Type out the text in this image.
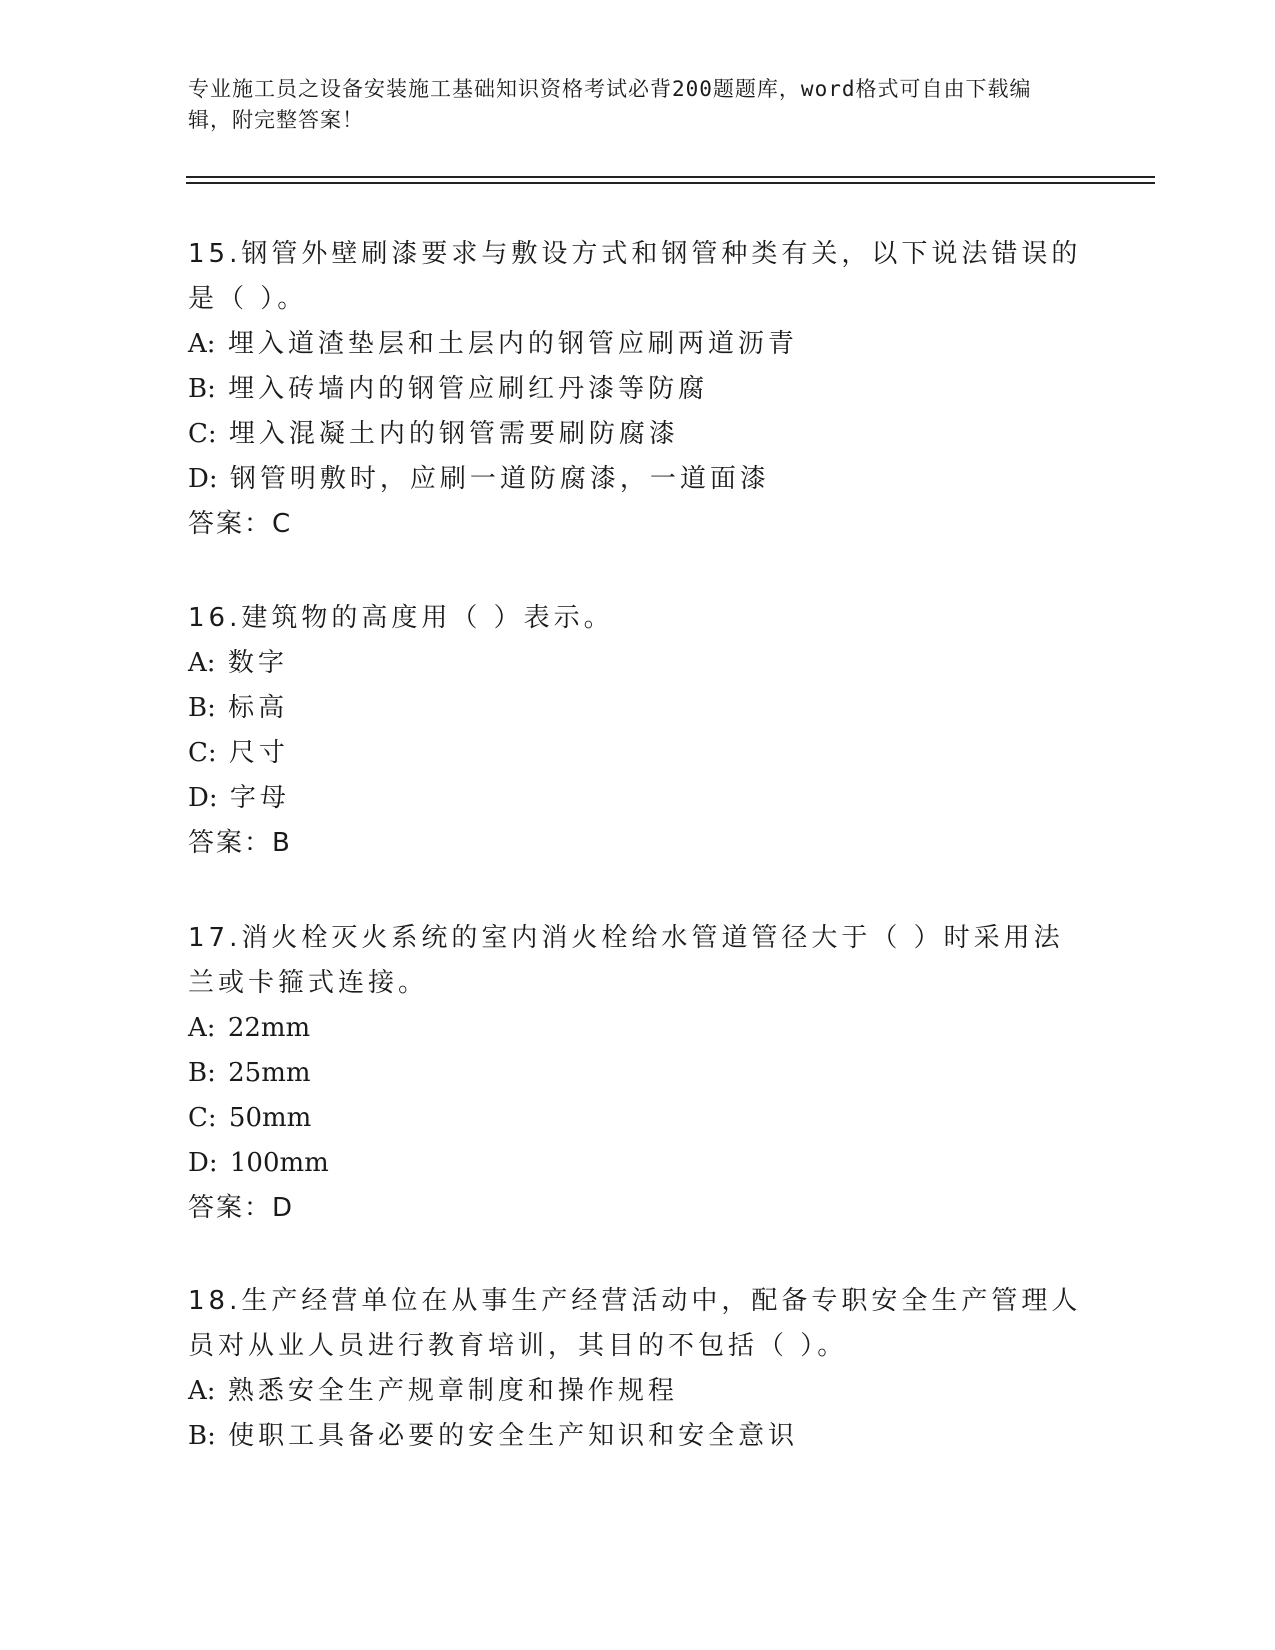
专业施工员之设备安装施工基础知识资格考试必背200题题库，word格式可自由下载编辑，附完整答案！

15.钢管外壁刷漆要求与敷设方式和钢管种类有关，以下说法错误的是（ ）。

A: 埋入道渣垫层和土层内的钢管应刷两道沥青

B: 埋入砖墙内的钢管应刷红丹漆等防腐

C: 埋入混凝土内的钢管需要刷防腐漆

D: 钢管明敷时，应刷一道防腐漆，一道面漆

答案：C

16.建筑物的高度用（ ）表示。

A: 数字

B: 标高

C: 尺寸

D: 字母

答案：B

17.消火栓灭火系统的室内消火栓给水管道管径大于（ ）时采用法兰或卡箍式连接。

A: 22mm

B: 25mm

C: 50mm

D: 100mm

答案：D

18.生产经营单位在从事生产经营活动中，配备专职安全生产管理人员对从业人员进行教育培训，其目的不包括（ ）。

A: 熟悉安全生产规章制度和操作规程

B: 使职工具备必要的安全生产知识和安全意识
